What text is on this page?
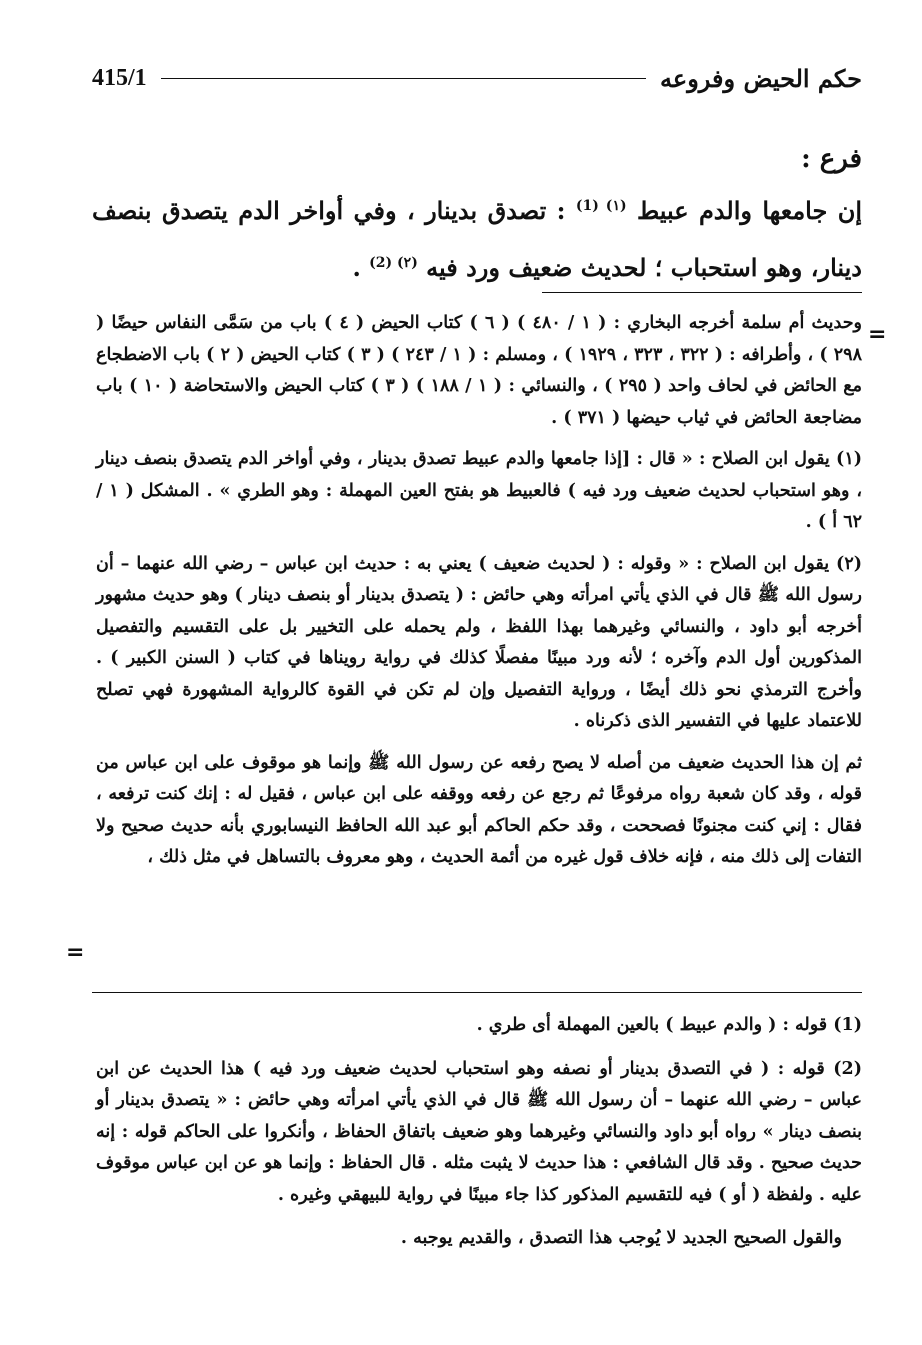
حكم الحيض وفروعه
415/1
فرع :

إن جامعها والدم عبيط $^{(١) (1)}$ : تصدق بدينار ، وفي أواخر الدم يتصدق بنصف دينار، وهو استحباب ؛ لحديث ضعيف ورد فيه $^{(٢) (2)}$ .

=

وحديث أم سلمة أخرجه البخاري : ( ١ / ٤٨٠ ) ( ٦ ) كتاب الحيض ( ٤ ) باب من سَمَّى النفاس حيضًا ( ٢٩٨ ) ، وأطرافه : ( ٣٢٢ ، ٣٢٣ ، ١٩٢٩ ) ، ومسلم : ( ١ / ٢٤٣ ) ( ٣ ) كتاب الحيض ( ٢ ) باب الاضطجاع مع الحائض في لحاف واحد ( ٢٩٥ ) ، والنسائي : ( ١ / ١٨٨ ) ( ٣ ) كتاب الحيض والاستحاضة ( ١٠ ) باب مضاجعة الحائض في ثياب حيضها ( ٣٧١ ) .

(١) يقول ابن الصلاح : « قال : [إذا جامعها والدم عبيط تصدق بدينار ، وفي أواخر الدم يتصدق بنصف دينار ، وهو استحباب لحديث ضعيف ورد فيه ) فالعبيط هو بفتح العين المهملة : وهو الطري » . المشكل ( ١ / ٦٢ أ ) .

(٢) يقول ابن الصلاح : « وقوله : ( لحديث ضعيف ) يعني به : حديث ابن عباس – رضي الله عنهما – أن رسول الله ﷺ قال في الذي يأتي امرأته وهي حائض : ( يتصدق بدينار أو بنصف دينار ) وهو حديث مشهور أخرجه أبو داود ، والنسائي وغيرهما بهذا اللفظ ، ولم يحمله على التخيير بل على التقسيم والتفصيل المذكورين أول الدم وآخره ؛ لأنه ورد مبينًا مفصلًا كذلك في رواية رويناها في كتاب ( السنن الكبير ) . وأخرج الترمذي نحو ذلك أيضًا ، ورواية التفصيل وإن لم تكن في القوة كالرواية المشهورة فهي تصلح للاعتماد عليها في التفسير الذى ذكرناه .

ثم إن هذا الحديث ضعيف من أصله لا يصح رفعه عن رسول الله ﷺ وإنما هو موقوف على ابن عباس من قوله ، وقد كان شعبة رواه مرفوعًا ثم رجع عن رفعه ووقفه على ابن عباس ، فقيل له : إنك كنت ترفعه ، فقال : إني كنت مجنونًا فصححت ، وقد حكم الحاكم أبو عبد الله الحافظ النيسابوري بأنه حديث صحيح ولا التفات إلى ذلك منه ، فإنه خلاف قول غيره من أئمة الحديث ، وهو معروف بالتساهل في مثل ذلك ،

=

(1) قوله : ( والدم عبيط ) بالعين المهملة أى طري .

(2) قوله : ( في التصدق بدينار أو نصفه وهو استحباب لحديث ضعيف ورد فيه ) هذا الحديث عن ابن عباس – رضي الله عنهما – أن رسول الله ﷺ قال في الذي يأتي امرأته وهي حائض : « يتصدق بدينار أو بنصف دينار » رواه أبو داود والنسائي وغيرهما وهو ضعيف باتفاق الحفاظ ، وأنكروا على الحاكم قوله : إنه حديث صحيح . وقد قال الشافعي : هذا حديث لا يثبت مثله . قال الحفاظ : وإنما هو عن ابن عباس موقوف عليه . ولفظة ( أو ) فيه للتقسيم المذكور كذا جاء مبينًا في رواية للبيهقي وغيره .

والقول الصحيح الجديد لا يُوجب هذا التصدق ، والقديم يوجبه .
